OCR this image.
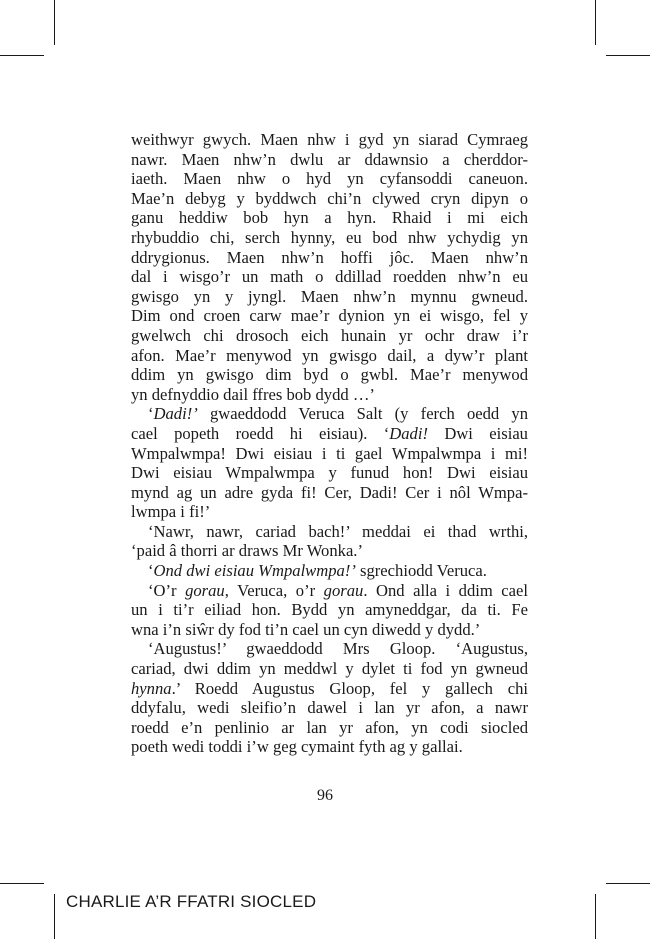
weithwyr gwych. Maen nhw i gyd yn siarad Cymraeg
nawr. Maen nhw’n dwlu ar ddawnsio a cherddor-
iaeth. Maen nhw o hyd yn cyfansoddi caneuon.
Mae’n debyg y byddwch chi’n clywed cryn dipyn o
ganu heddiw bob hyn a hyn. Rhaid i mi eich
rhybuddio chi, serch hynny, eu bod nhw ychydig yn
ddrygionus. Maen nhw’n hoffi jôc. Maen nhw’n
dal i wisgo’r un math o ddillad roedden nhw’n eu
gwisgo yn y jyngl. Maen nhw’n mynnu gwneud.
Dim ond croen carw mae’r dynion yn ei wisgo, fel y
gwelwch chi drosoch eich hunain yr ochr draw i’r
afon. Mae’r menywod yn gwisgo dail, a dyw’r plant
ddim yn gwisgo dim byd o gwbl. Mae’r menywod
yn defnyddio dail ffres bob dydd …’
‘Dadi!’ gwaeddodd Veruca Salt (y ferch oedd yn
cael popeth roedd hi eisiau). ‘Dadi! Dwi eisiau
Wmpalwmpa! Dwi eisiau i ti gael Wmpalwmpa i mi!
Dwi eisiau Wmpalwmpa y funud hon! Dwi eisiau
mynd ag un adre gyda fi! Cer, Dadi! Cer i nôl Wmpa-
lwmpa i fi!’
‘Nawr, nawr, cariad bach!’ meddai ei thad wrthi,
‘paid â thorri ar draws Mr Wonka.’
‘Ond dwi eisiau Wmpalwmpa!’ sgrechiodd Veruca.
‘O’r gorau, Veruca, o’r gorau. Ond alla i ddim cael
un i ti’r eiliad hon. Bydd yn amyneddgar, da ti. Fe
wna i’n siŵr dy fod ti’n cael un cyn diwedd y dydd.’
‘Augustus!’ gwaeddodd Mrs Gloop. ‘Augustus,
cariad, dwi ddim yn meddwl y dylet ti fod yn gwneud
hynna.’ Roedd Augustus Gloop, fel y gallech chi
ddyfalu, wedi sleifio’n dawel i lan yr afon, a nawr
roedd e’n penlinio ar lan yr afon, yn codi siocled
poeth wedi toddi i’w geg cymaint fyth ag y gallai.
96
CHARLIE A’R FFATRI SIOCLED
